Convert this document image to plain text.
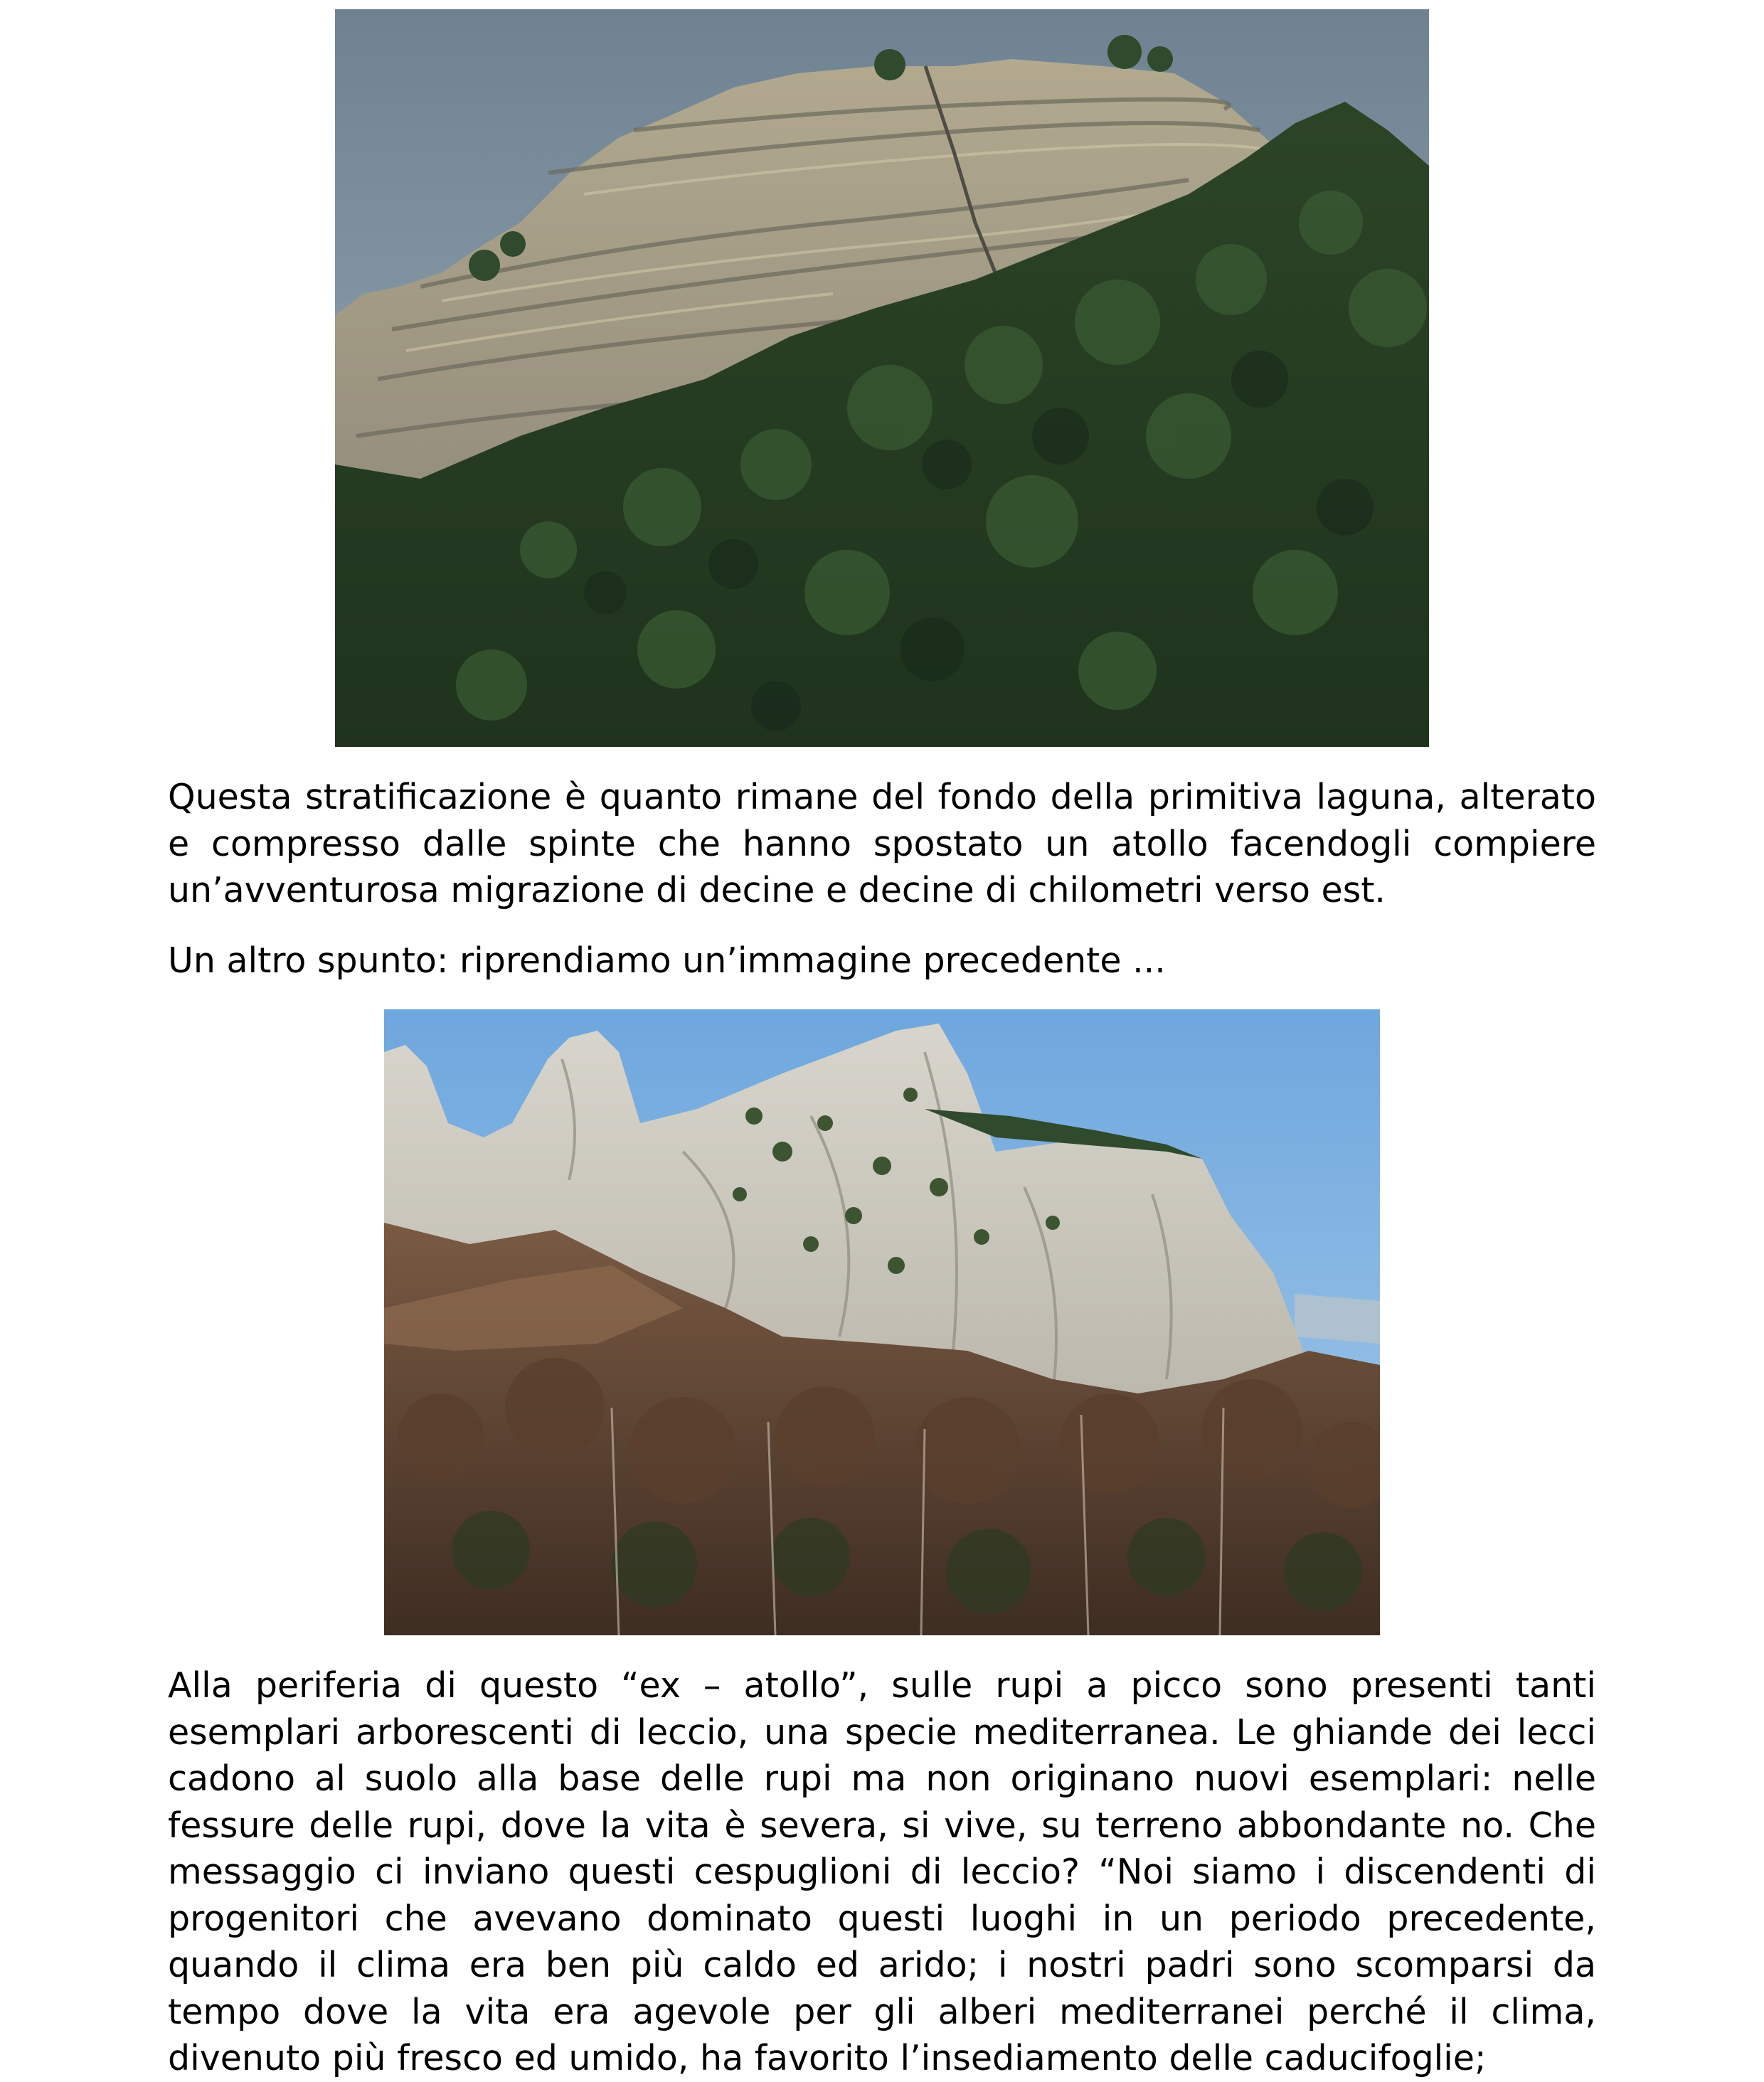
Questa stratificazione è quanto rimane del fondo della primitiva laguna, alterato e compresso dalle spinte che hanno spostato un atollo facendogli compiere un’avventurosa migrazione di decine e decine di chilometri verso est.

Un altro spunto: riprendiamo un’immagine precedente ...

Alla periferia di questo “ex – atollo”, sulle rupi a picco sono presenti tanti esemplari arborescenti di leccio, una specie mediterranea. Le ghiande dei lecci cadono al suolo alla base delle rupi ma non originano nuovi esemplari: nelle fessure delle rupi, dove la vita è severa, si vive, su terreno abbondante no. Che messaggio ci inviano questi cespuglioni di leccio? “Noi siamo i discendenti di progenitori che avevano dominato questi luoghi in un periodo precedente, quando il clima era ben più caldo ed arido; i nostri padri sono scomparsi da tempo dove la vita era agevole per gli alberi mediterranei perché il clima, divenuto più fresco ed umido, ha favorito l’insediamento delle caducifoglie;
